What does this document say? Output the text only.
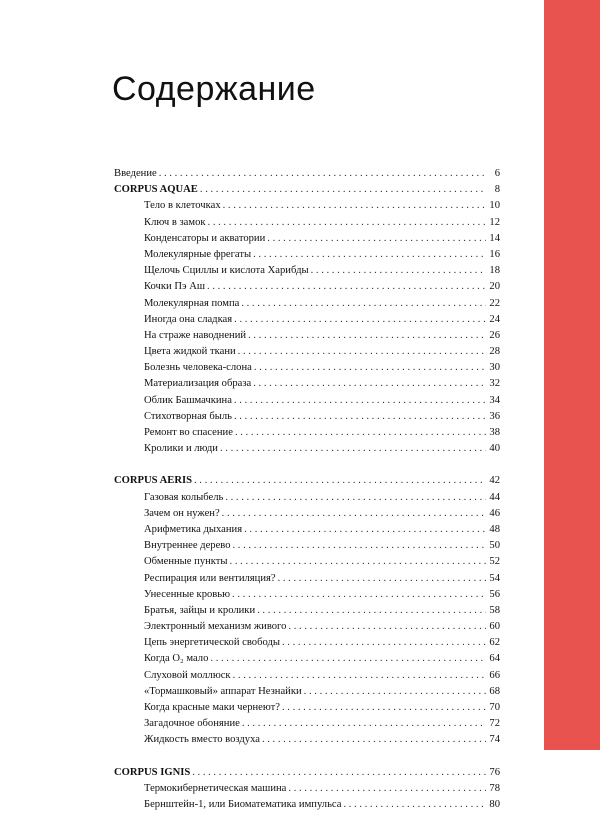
Содержание
Введение . . .	6
CORPUS AQUAE . . .	8
Тело в клеточках . . .	10
Ключ в замок . . .	12
Конденсаторы и акватории . . .	14
Молекулярные фрегаты . . .	16
Щелочь Сциллы и кислота Харибды . . .	18
Кочки Пэ Аш . . .	20
Молекулярная помпа . . .	22
Иногда она сладкая . . .	24
На страже наводнений . . .	26
Цвета жидкой ткани . . .	28
Болезнь человека-слона . . .	30
Материализация образа . . .	32
Облик Башмачкина . . .	34
Стихотворная быль . . .	36
Ремонт во спасение . . .	38
Кролики и люди . . .	40
CORPUS AERIS . . .	42
Газовая колыбель . . .	44
Зачем он нужен? . . .	46
Арифметика дыхания . . .	48
Внутреннее дерево . . .	50
Обменные пункты . . .	52
Респирация или вентиляция? . . .	54
Унесенные кровью . . .	56
Братья, зайцы и кролики . . .	58
Электронный механизм живого . . .	60
Цепь энергетической свободы . . .	62
Когда O₂ мало . . .	64
Слуховой моллюск . . .	66
«Тормашковый» аппарат Незнайки . . .	68
Когда красные маки чернеют? . . .	70
Загадочное обоняние . . .	72
Жидкость вместо воздуха . . .	74
CORPUS IGNIS . . .	76
Термокибернетическая машина . . .	78
Бернштейн-1, или Биоматематика импульса . . .	80
